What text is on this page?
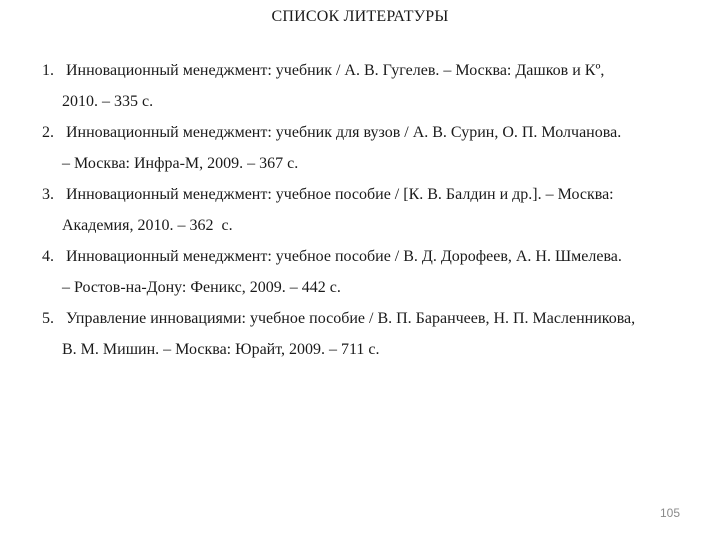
СПИСОК ЛИТЕРАТУРЫ
1. Инновационный менеджмент: учебник / А. В. Гугелев. – Москва: Дашков и Кº,
2010. – 335 с.
2. Инновационный менеджмент: учебник для вузов / А. В. Сурин, О. П. Молчанова.
– Москва: Инфра-М, 2009. – 367 с.
3. Инновационный менеджмент: учебное пособие / [К. В. Балдин и др.]. – Москва:
Академия, 2010. – 362  с.
4. Инновационный менеджмент: учебное пособие / В. Д. Дорофеев, А. Н. Шмелева.
– Ростов-на-Дону: Феникс, 2009. – 442 с.
5. Управление инновациями: учебное пособие / В. П. Баранчеев, Н. П. Масленникова,
В. М. Мишин. – Москва: Юрайт, 2009. – 711 с.
105
